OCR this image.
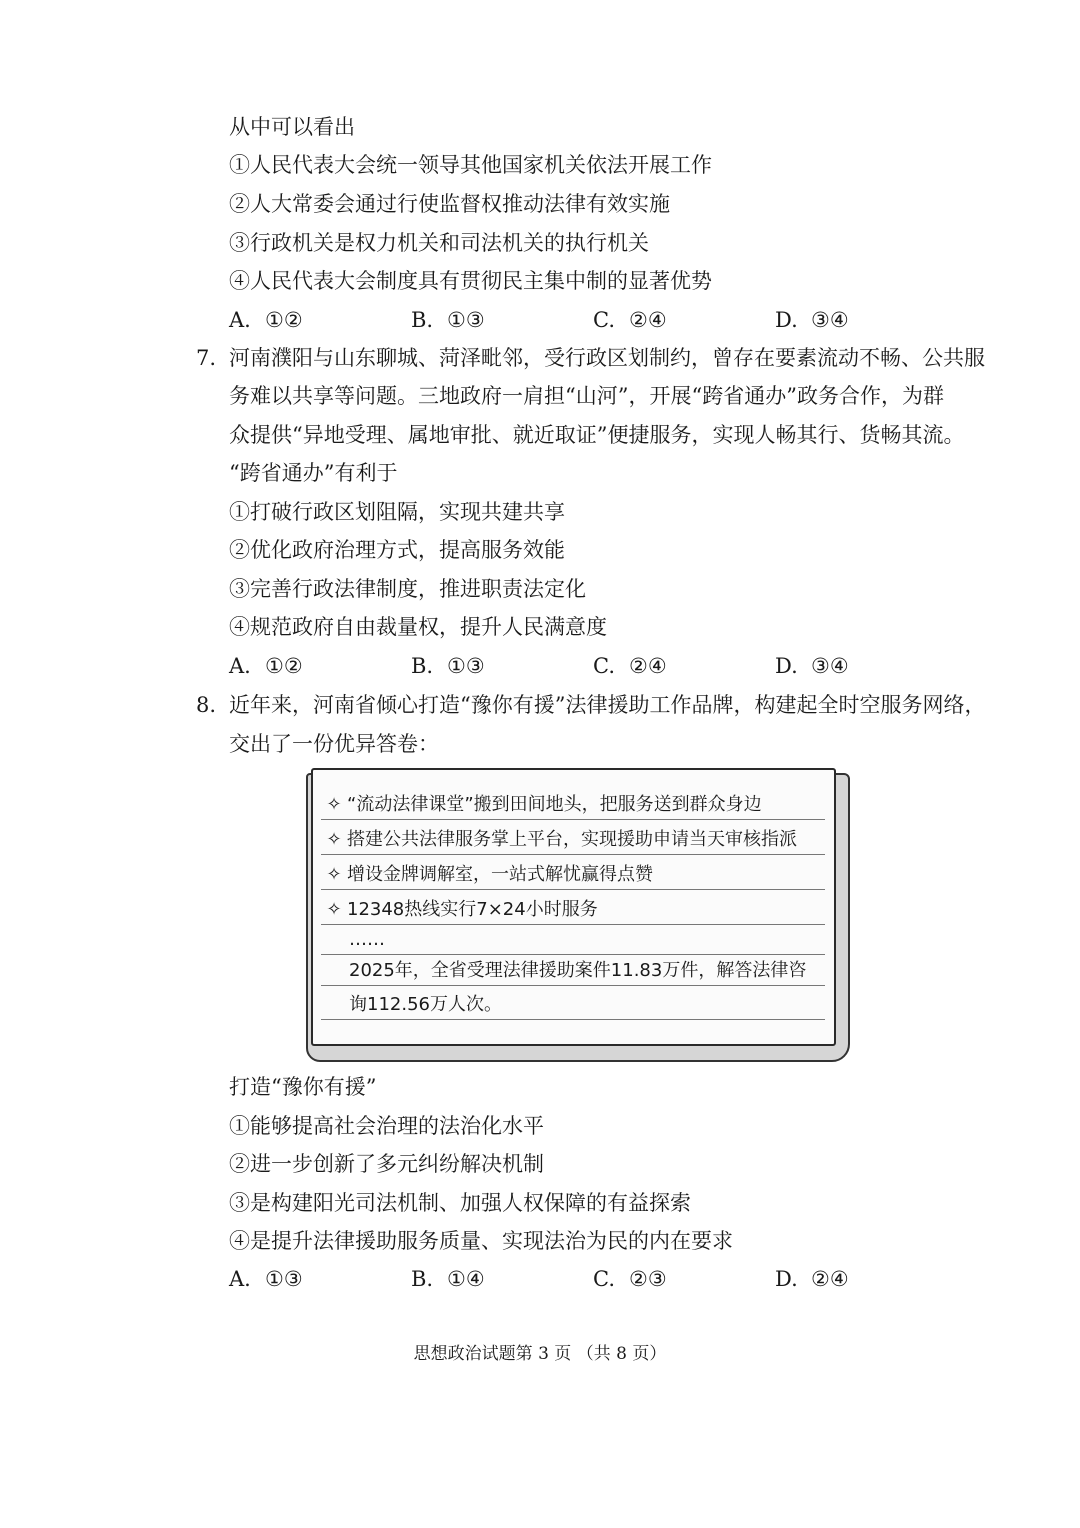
从中可以看出
①人民代表大会统一领导其他国家机关依法开展工作
②人大常委会通过行使监督权推动法律有效实施
③行政机关是权力机关和司法机关的执行机关
④人民代表大会制度具有贯彻民主集中制的显著优势
A. ①②	B. ①③	C. ②④	D. ③④
7. 河南濮阳与山东聊城、菏泽毗邻，受行政区划制约，曾存在要素流动不畅、公共服
务难以共享等问题。三地政府一肩担“山河”，开展“跨省通办”政务合作，为群
众提供“异地受理、属地审批、就近取证”便捷服务，实现人畅其行、货畅其流。
“跨省通办”有利于
①打破行政区划阻隔，实现共建共享
②优化政府治理方式，提高服务效能
③完善行政法律制度，推进职责法定化
④规范政府自由裁量权，提升人民满意度
A. ①②	B. ①③	C. ②④	D. ③④
8. 近年来，河南省倾心打造“豫你有援”法律援助工作品牌，构建起全时空服务网络，
交出了一份优异答卷：
✧ “流动法律课堂”搬到田间地头，把服务送到群众身边
✧ 搭建公共法律服务掌上平台，实现援助申请当天审核指派
✧ 增设金牌调解室，一站式解忧赢得点赞
✧ 12348热线实行7×24小时服务
……
2025年，全省受理法律援助案件11.83万件，解答法律咨
询112.56万人次。
打造“豫你有援”
①能够提高社会治理的法治化水平
②进一步创新了多元纠纷解决机制
③是构建阳光司法机制、加强人权保障的有益探索
④是提升法律援助服务质量、实现法治为民的内在要求
A. ①③	B. ①④	C. ②③	D. ②④
思想政治试题第 3 页 （共 8 页）
